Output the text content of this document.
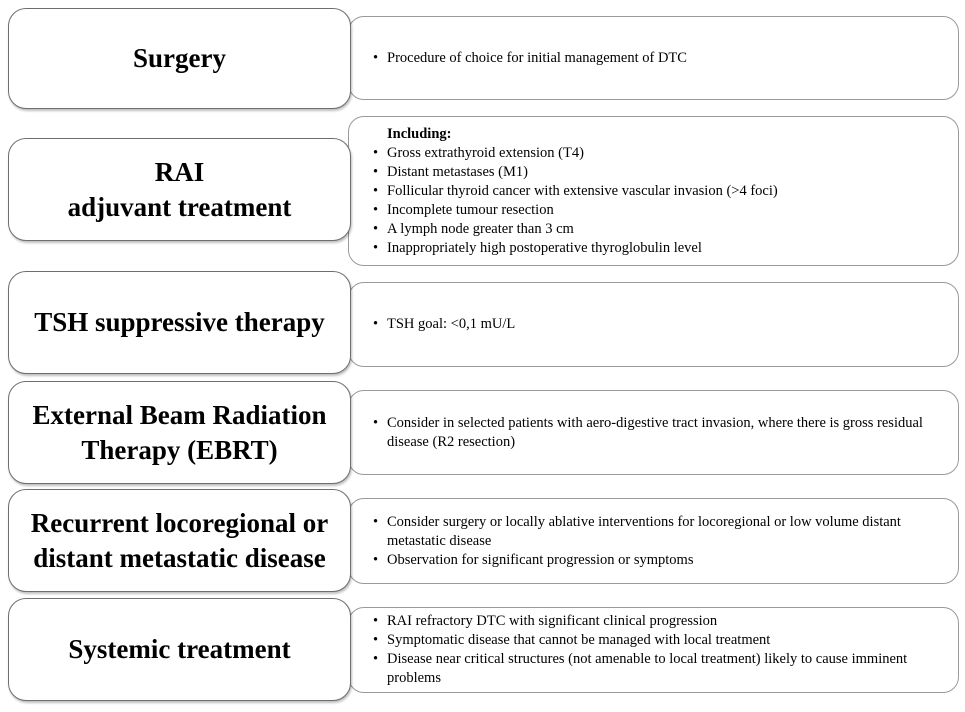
• Procedure of choice for initial management of DTC
Surgery
Including:
• Gross extrathyroid extension (T4)
• Distant metastases (M1)
• Follicular thyroid cancer with extensive vascular invasion (>4 foci)
• Incomplete tumour resection
• A lymph node greater than 3 cm
• Inappropriately high postoperative thyroglobulin level
RAI
adjuvant treatment
• TSH goal: <0,1 mU/L
TSH suppressive therapy
• Consider in selected patients with aero-digestive tract invasion, where there is gross residual disease (R2 resection)
External Beam Radiation
Therapy (EBRT)
• Consider surgery or locally ablative interventions for locoregional or low volume distant metastatic disease
• Observation for significant progression or symptoms
Recurrent locoregional or
distant metastatic disease
• RAI refractory DTC with significant clinical progression
• Symptomatic disease that cannot be managed with local treatment
• Disease near critical structures (not amenable to local treatment) likely to cause imminent problems
Systemic treatment
